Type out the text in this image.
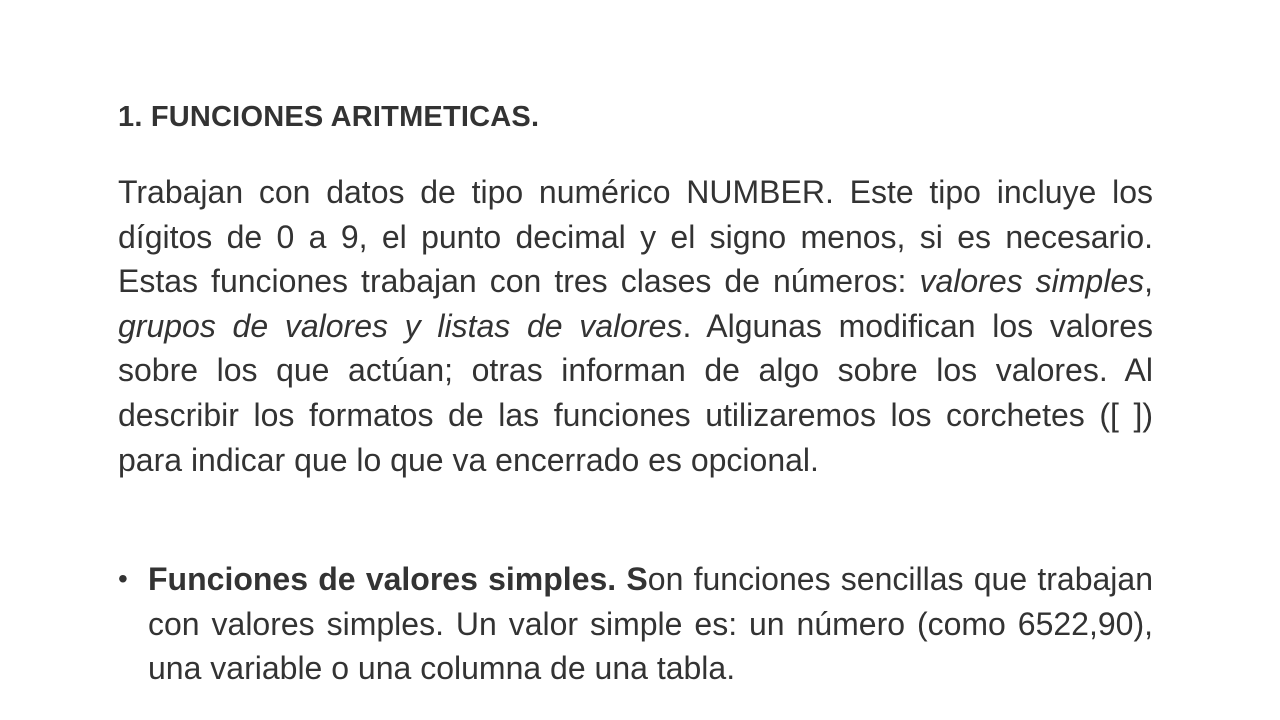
1. FUNCIONES ARITMETICAS.

Trabajan con datos de tipo numérico NUMBER. Este tipo incluye los dígitos de 0 a 9, el punto decimal y el signo menos, si es necesario. Estas funciones trabajan con tres clases de números: valores simples, grupos de valores y listas de valores. Algunas modifican los valores sobre los que actúan; otras informan de algo sobre los valores. Al describir los formatos de las funciones utilizaremos los corchetes ([ ]) para indicar que lo que va encerrado es opcional.

• Funciones de valores simples. Son funciones sencillas que trabajan con valores simples. Un valor simple es: un número (como 6522,90), una variable o una columna de una tabla.
